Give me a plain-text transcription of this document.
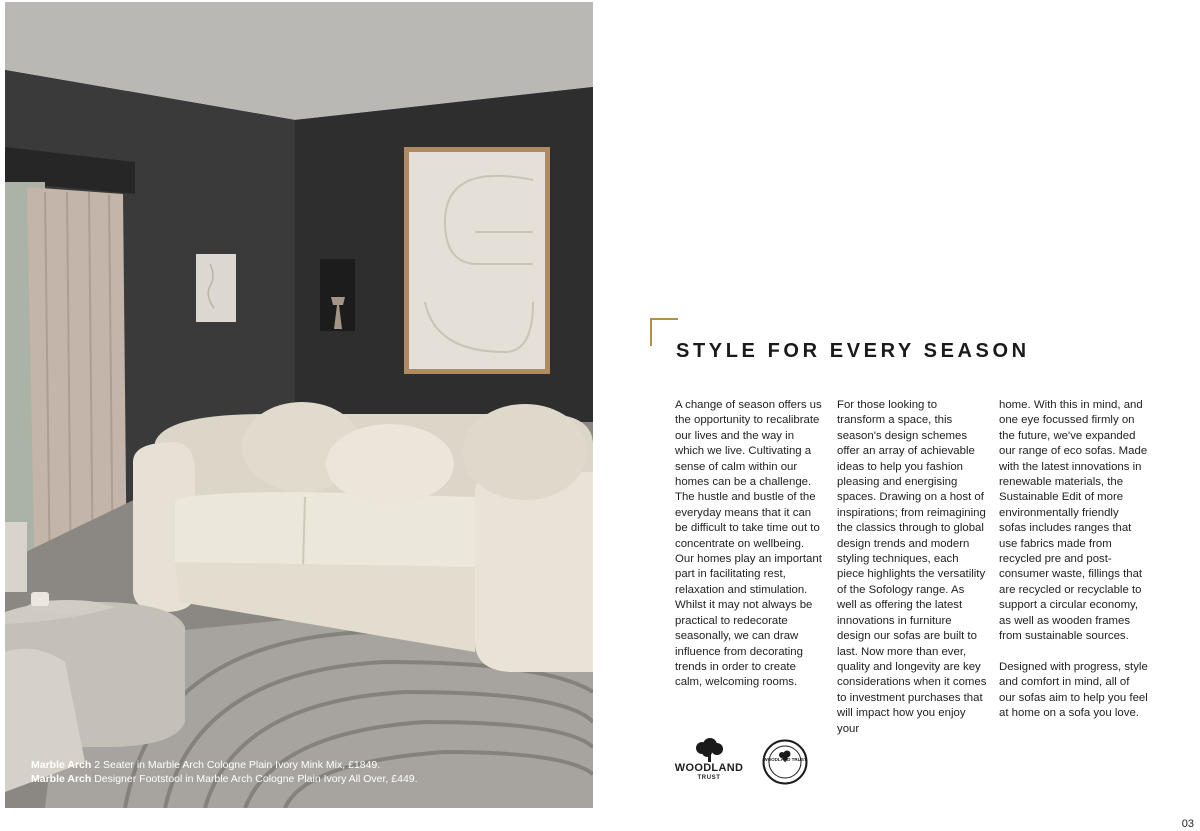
Marble Arch 2 Seater in Marble Arch Cologne Plain Ivory Mink Mix, £1849.
Marble Arch Designer Footstool in Marble Arch Cologne Plain Ivory All Over, £449.
STYLE FOR EVERY SEASON

A change of season offers us the opportunity to recalibrate our lives and the way in which we live. Cultivating a sense of calm within our homes can be a challenge. The hustle and bustle of the everyday means that it can be difficult to take time out to concentrate on wellbeing. Our homes play an important part in facilitating rest, relaxation and stimulation. Whilst it may not always be practical to redecorate seasonally, we can draw influence from decorating trends in order to create calm, welcoming rooms.

For those looking to transform a space, this season's design schemes offer an array of achievable ideas to help you fashion pleasing and energising spaces. Drawing on a host of inspirations; from reimagining the classics through to global design trends and modern styling techniques, each piece highlights the versatility of the Sofology range. As well as offering the latest innovations in furniture design our sofas are built to last. Now more than ever, quality and longevity are key considerations when it comes to investment purchases that will impact how you enjoy your

home. With this in mind, and one eye focussed firmly on the future, we've expanded our range of eco sofas. Made with the latest innovations in renewable materials, the Sustainable Edit of more environmentally friendly sofas includes ranges that use fabrics made from recycled pre and post-consumer waste, fillings that are recycled or recyclable to support a circular economy, as well as wooden frames from sustainable sources.

Designed with progress, style and comfort in mind, all of our sofas aim to help you feel at home on a sofa you love.

WOODLAND
TRUST
WOODLAND TRUST
03
